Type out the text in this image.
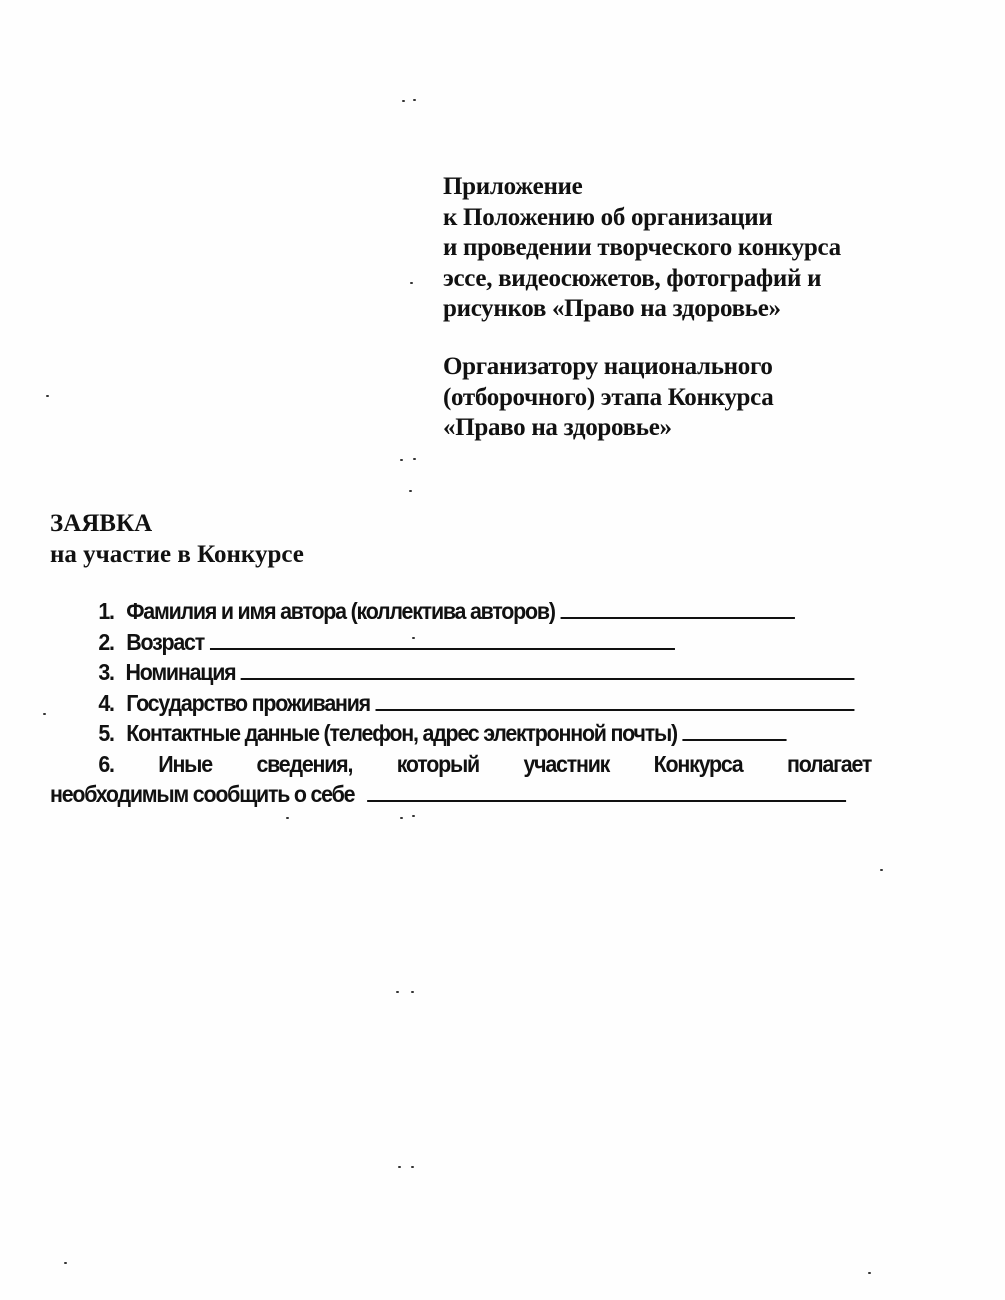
Приложение
к Положению об организации
и проведении творческого конкурса
эссе, видеосюжетов, фотографий и
рисунков «Право на здоровье»
Организатору национального
(отборочного) этапа Конкурса
«Право на здоровье»
ЗАЯВКА
на участие в Конкурсе
1. Фамилия и имя автора (коллектива авторов)
2. Возраст
3. Номинация
4. Государство проживания
5. Контактные данные (телефон, адрес электронной почты)
6. Иные сведения, который участник Конкурса полагает
необходимым сообщить о себе
